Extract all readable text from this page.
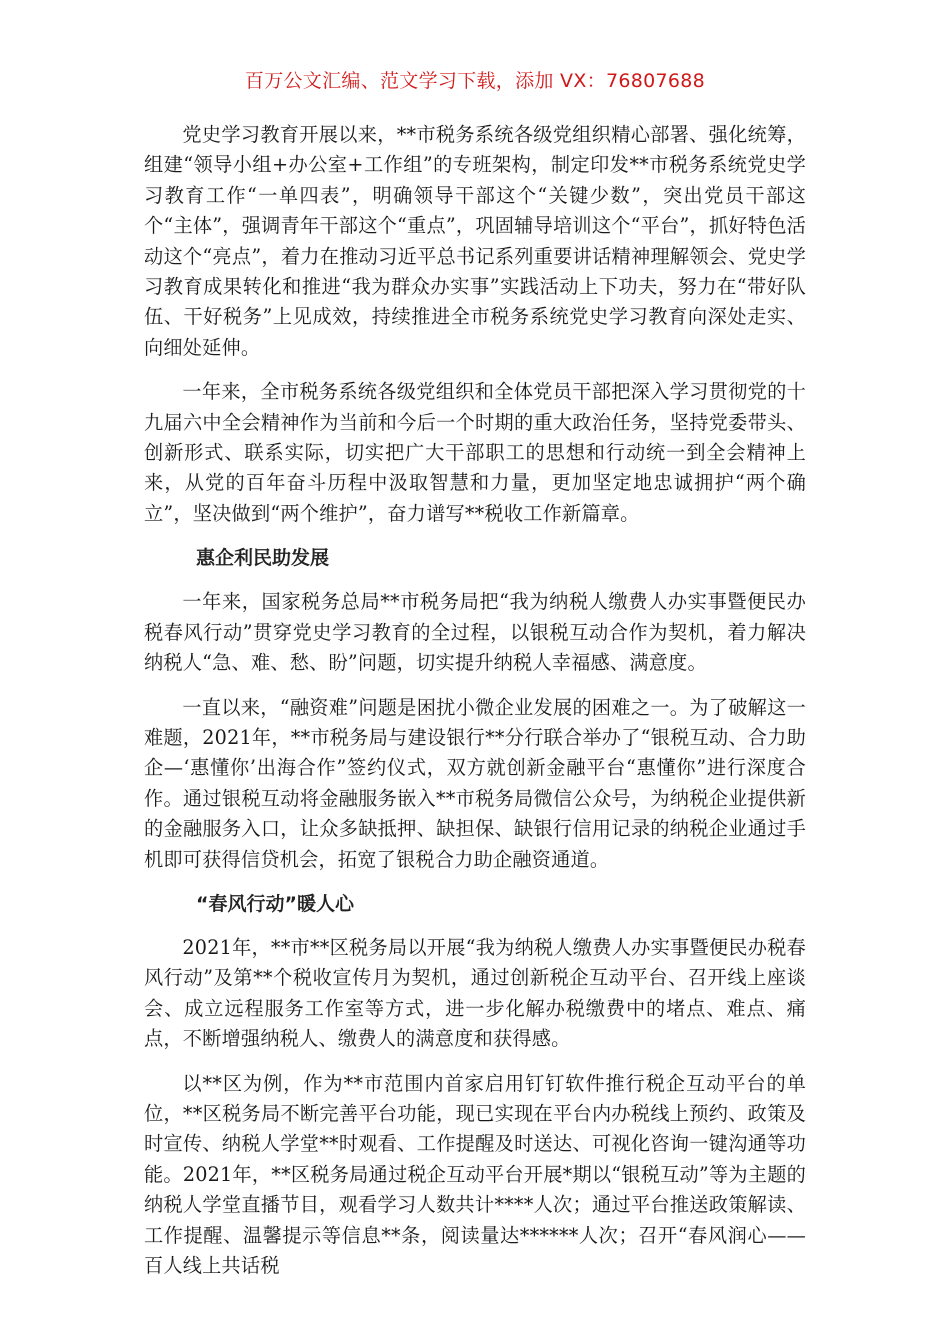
百万公文汇编、范文学习下载，添加 VX：76807688

党史学习教育开展以来，**市税务系统各级党组织精心部署、强化统筹，组建“领导小组+办公室+工作组”的专班架构，制定印发**市税务系统党史学习教育工作“一单四表”，明确领导干部这个“关键少数”，突出党员干部这个“主体”，强调青年干部这个“重点”，巩固辅导培训这个“平台”，抓好特色活动这个“亮点”，着力在推动习近平总书记系列重要讲话精神理解领会、党史学习教育成果转化和推进“我为群众办实事”实践活动上下功夫，努力在“带好队伍、干好税务”上见成效，持续推进全市税务系统党史学习教育向深处走实、向细处延伸。

一年来，全市税务系统各级党组织和全体党员干部把深入学习贯彻党的十九届六中全会精神作为当前和今后一个时期的重大政治任务，坚持党委带头、创新形式、联系实际，切实把广大干部职工的思想和行动统一到全会精神上来，从党的百年奋斗历程中汲取智慧和力量，更加坚定地忠诚拥护“两个确立”，坚决做到“两个维护”，奋力谱写**税收工作新篇章。

惠企利民助发展

一年来，国家税务总局**市税务局把“我为纳税人缴费人办实事暨便民办税春风行动”贯穿党史学习教育的全过程，以银税互动合作为契机，着力解决纳税人“急、难、愁、盼”问题，切实提升纳税人幸福感、满意度。

一直以来，“融资难”问题是困扰小微企业发展的困难之一。为了破解这一难题，2021年，**市税务局与建设银行**分行联合举办了“银税互动、合力助企—‘惠懂你’出海合作”签约仪式，双方就创新金融平台“惠懂你”进行深度合作。通过银税互动将金融服务嵌入**市税务局微信公众号，为纳税企业提供新的金融服务入口，让众多缺抵押、缺担保、缺银行信用记录的纳税企业通过手机即可获得信贷机会，拓宽了银税合力助企融资通道。

“春风行动”暖人心

2021年，**市**区税务局以开展“我为纳税人缴费人办实事暨便民办税春风行动”及第**个税收宣传月为契机，通过创新税企互动平台、召开线上座谈会、成立远程服务工作室等方式，进一步化解办税缴费中的堵点、难点、痛点，不断增强纳税人、缴费人的满意度和获得感。

以**区为例，作为**市范围内首家启用钉钉软件推行税企互动平台的单位，**区税务局不断完善平台功能，现已实现在平台内办税线上预约、政策及时宣传、纳税人学堂**时观看、工作提醒及时送达、可视化咨询一键沟通等功能。2021年，**区税务局通过税企互动平台开展*期以“银税互动”等为主题的纳税人学堂直播节目，观看学习人数共计****人次；通过平台推送政策解读、工作提醒、温馨提示等信息**条，阅读量达******人次；召开“春风润心——百人线上共话税
